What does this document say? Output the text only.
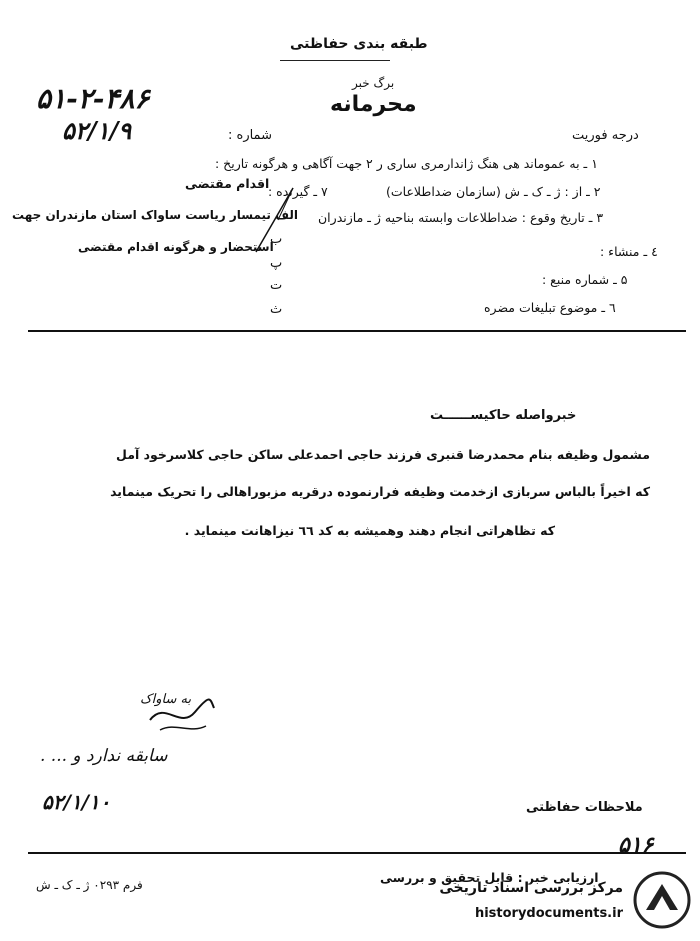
طبقه بندی حفاظتی
برگ خبر
محرمانه
۵۱-۲-۴۸۶
۵۲/۱/۹	درجه فوریت
شماره :
۱ ـ به عموماند هی هنگ ژاندارمری ساری ر ۲ جهت آگاهی و هرگونه تاریخ :
اقدام مقتضی
۲ ـ از : ژ ـ ک ـ ش (سازمان ضداطلاعات)
۷ ـ گیرنده :
۳ ـ تاریخ وقوع : ضداطلاعات وابسته بناحیه ژ ـ مازندران
الف تیمسار ریاست ساواک استان مازندران جهت
استحضار و هرگونه اقدام مقتضی	٤ ـ منشاء :
۵ ـ شماره منبع :
٦ ـ موضوع تبلیغات مضره
ب
پ
ت
ث
خبرواصله حاکیســــــت
مشمول وظیفه بنام محمدرضا قنبری فرزند حاجی احمدعلی ساکن حاجی کلاسرخود آمل
که اخیراً بالباس سربازی ازخدمت وظیفه فرارنموده درقریه مزبوراهالی را تحریک مینماید
که تظاهراتی انجام دهند وهمیشه به کد ٦٦ نیزاهانت مینماید .
به ساواک
سابقه ندارد و ... .
۵۲/۱/۱۰	ملاحظات حفاظتی
۵۱۶
ارزیابی خبر : قابل تحقیق و بررسی
فرم ۰۲۹۳ ژ ـ ک ـ ش	مرکز بررسی اسناد تاریخی
historydocuments.ir
